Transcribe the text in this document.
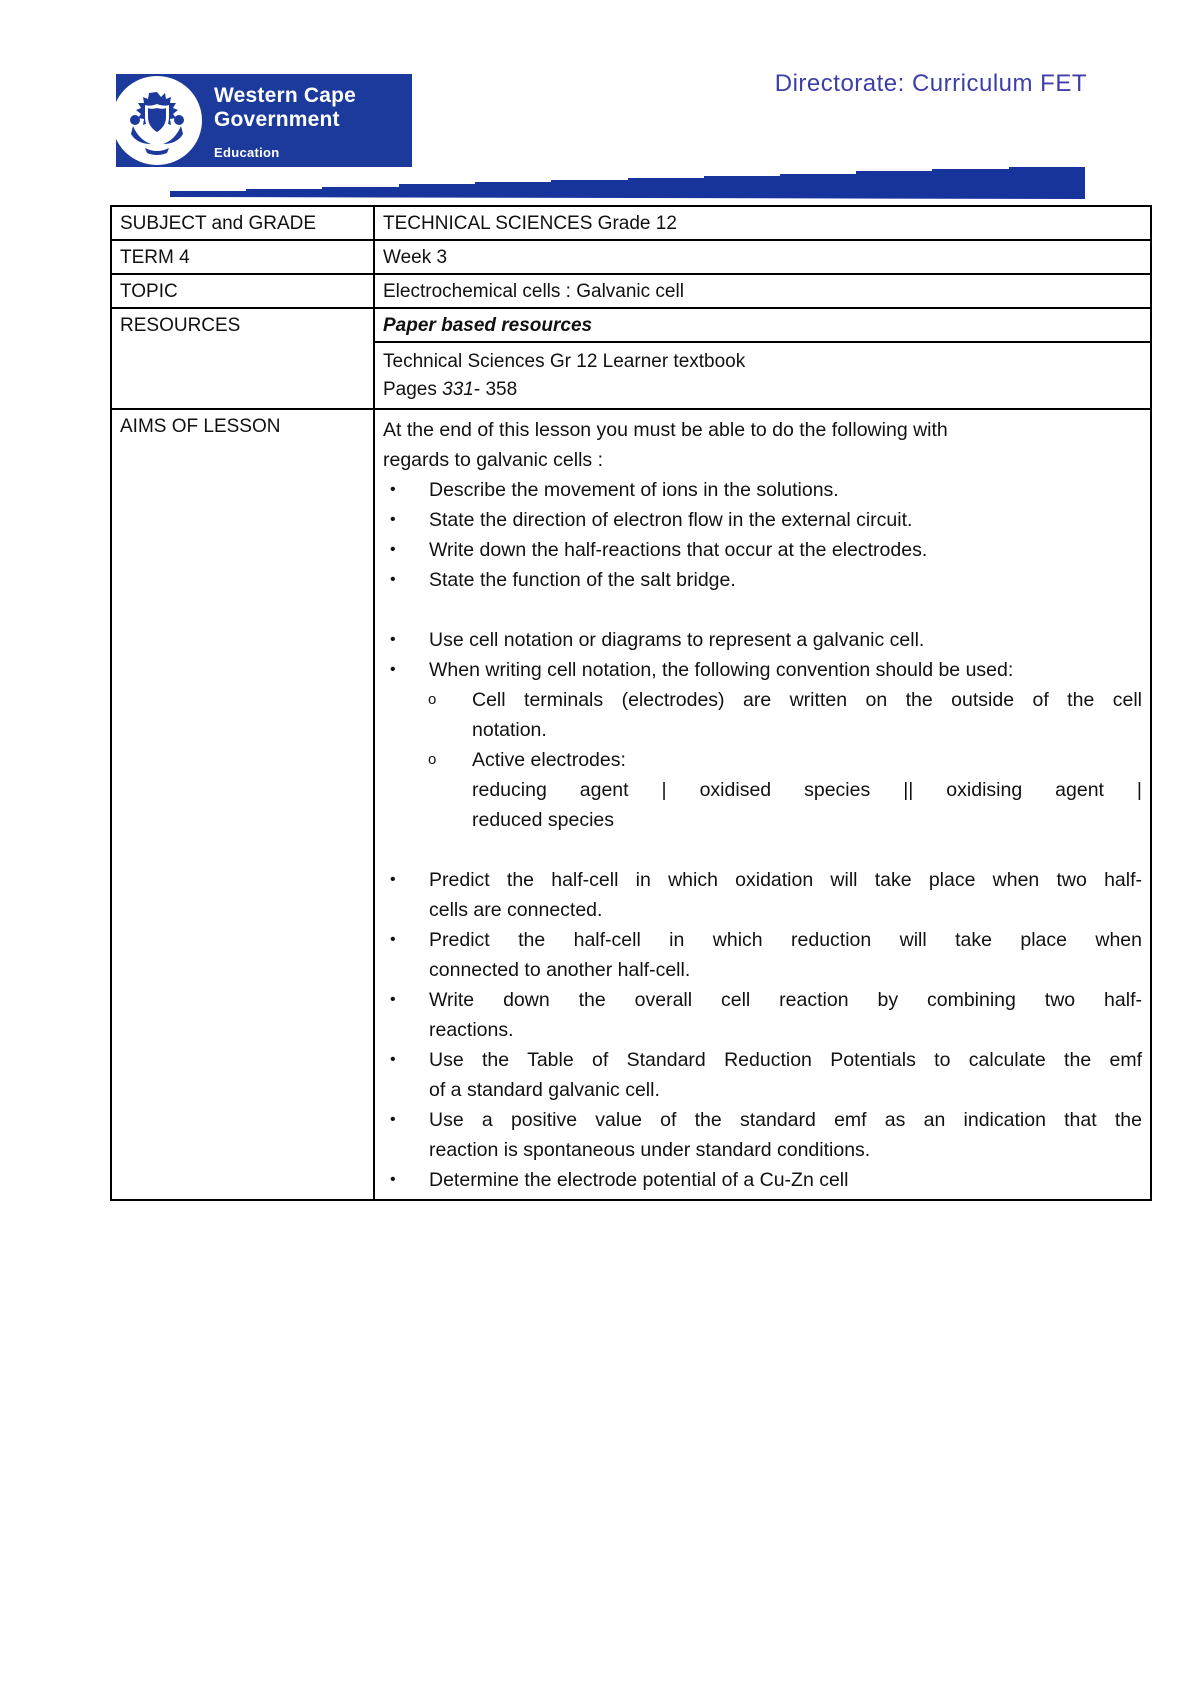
Western Cape
Government
Education
Directorate: Curriculum FET
SUBJECT and GRADE	TECHNICAL SCIENCES Grade 12
TERM 4	Week 3
TOPIC	Electrochemical cells : Galvanic cell
RESOURCES	Paper based resources

	Technical Sciences Gr 12 Learner textbook
Pages 331- 358

AIMS OF LESSON	At the end of this lesson you must be able to do the following with
regards to galvanic cells :
•	Describe the movement of ions in the solutions.
•	State the direction of electron flow in the external circuit.
•	Write down the half-reactions that occur at the electrodes.
•	State the function of the salt bridge.
•	Use cell notation or diagrams to represent a galvanic cell.
•	When writing cell notation, the following convention should be used:
o	Cell terminals (electrodes) are written on the outside of the cell
notation.
o	Active electrodes:
reducing agent | oxidised species || oxidising agent |
reduced species
•	Predict the half-cell in which oxidation will take place when two half-
cells are connected.
•	Predict the half-cell in which reduction will take place when
connected to another half-cell.
•	Write down the overall cell reaction by combining two half-
reactions.
•	Use the Table of Standard Reduction Potentials to calculate the emf
of a standard galvanic cell.
•	Use a positive value of the standard emf as an indication that the
reaction is spontaneous under standard conditions.
•	Determine the electrode potential of a Cu-Zn cell
